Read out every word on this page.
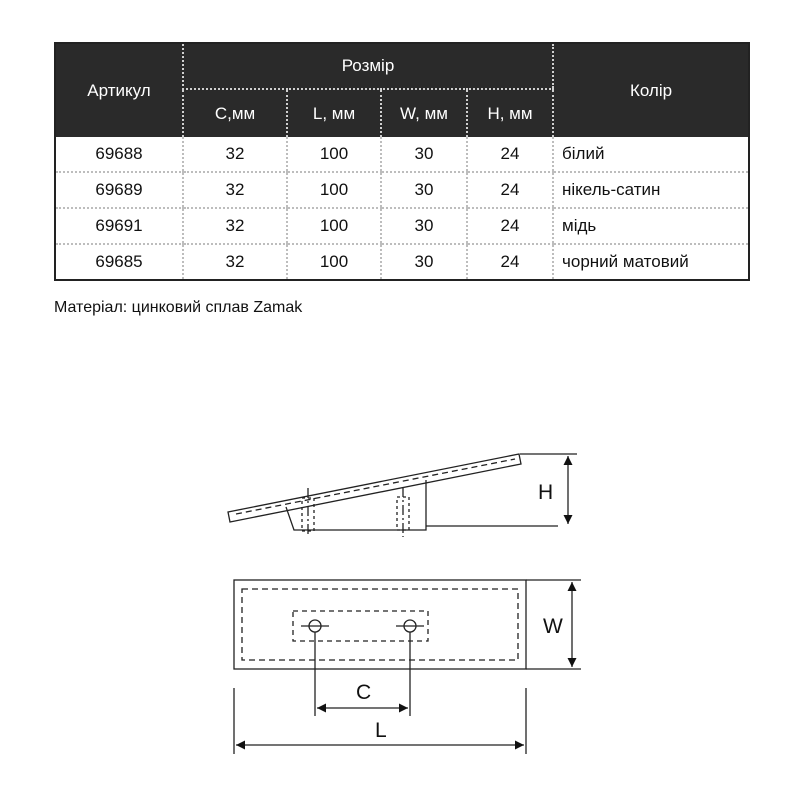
Артикул	Розмір				Колір
	C,мм	L, мм	W, мм	H, мм	
69688	32	100	30	24	білий
69689	32	100	30	24	нікель-сатин
69691	32	100	30	24	мідь
69685	32	100	30	24	чорний матовий
Матеріал: цинковий сплав Zamak
H
W
C
L
